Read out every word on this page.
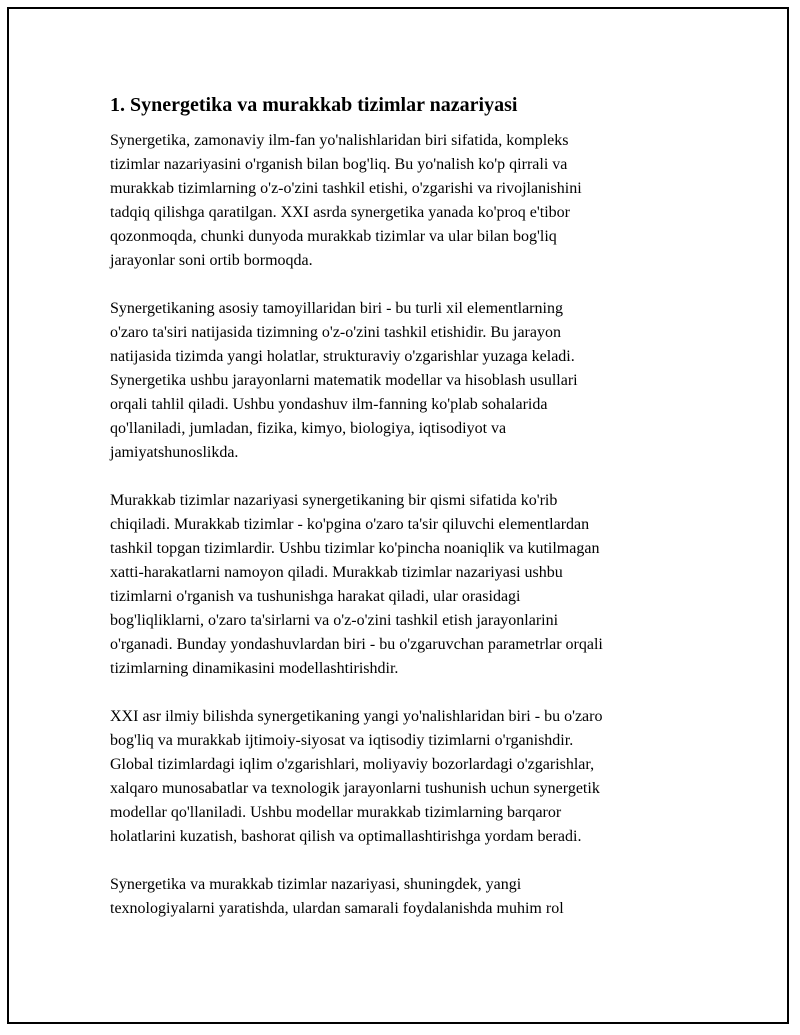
1. Synergetika va murakkab tizimlar nazariyasi

Synergetika, zamonaviy ilm-fan yo'nalishlaridan biri sifatida, kompleks
tizimlar nazariyasini o'rganish bilan bog'liq. Bu yo'nalish ko'p qirrali va
murakkab tizimlarning o'z-o'zini tashkil etishi, o'zgarishi va rivojlanishini
tadqiq qilishga qaratilgan. XXI asrda synergetika yanada ko'proq e'tibor
qozonmoqda, chunki dunyoda murakkab tizimlar va ular bilan bog'liq
jarayonlar soni ortib bormoqda.

Synergetikaning asosiy tamoyillaridan biri - bu turli xil elementlarning
o'zaro ta'siri natijasida tizimning o'z-o'zini tashkil etishidir. Bu jarayon
natijasida tizimda yangi holatlar, strukturaviy o'zgarishlar yuzaga keladi.
Synergetika ushbu jarayonlarni matematik modellar va hisoblash usullari
orqali tahlil qiladi. Ushbu yondashuv ilm-fanning ko'plab sohalarida
qo'llaniladi, jumladan, fizika, kimyo, biologiya, iqtisodiyot va
jamiyatshunoslikda.

Murakkab tizimlar nazariyasi synergetikaning bir qismi sifatida ko'rib
chiqiladi. Murakkab tizimlar - ko'pgina o'zaro ta'sir qiluvchi elementlardan
tashkil topgan tizimlardir. Ushbu tizimlar ko'pincha noaniqlik va kutilmagan
xatti-harakatlarni namoyon qiladi. Murakkab tizimlar nazariyasi ushbu
tizimlarni o'rganish va tushunishga harakat qiladi, ular orasidagi
bog'liqliklarni, o'zaro ta'sirlarni va o'z-o'zini tashkil etish jarayonlarini
o'rganadi. Bunday yondashuvlardan biri - bu o'zgaruvchan parametrlar orqali
tizimlarning dinamikasini modellashtirishdir.

XXI asr ilmiy bilishda synergetikaning yangi yo'nalishlaridan biri - bu o'zaro
bog'liq va murakkab ijtimoiy-siyosat va iqtisodiy tizimlarni o'rganishdir.
Global tizimlardagi iqlim o'zgarishlari, moliyaviy bozorlardagi o'zgarishlar,
xalqaro munosabatlar va texnologik jarayonlarni tushunish uchun synergetik
modellar qo'llaniladi. Ushbu modellar murakkab tizimlarning barqaror
holatlarini kuzatish, bashorat qilish va optimallashtirishga yordam beradi.

Synergetika va murakkab tizimlar nazariyasi, shuningdek, yangi
texnologiyalarni yaratishda, ulardan samarali foydalanishda muhim rol
